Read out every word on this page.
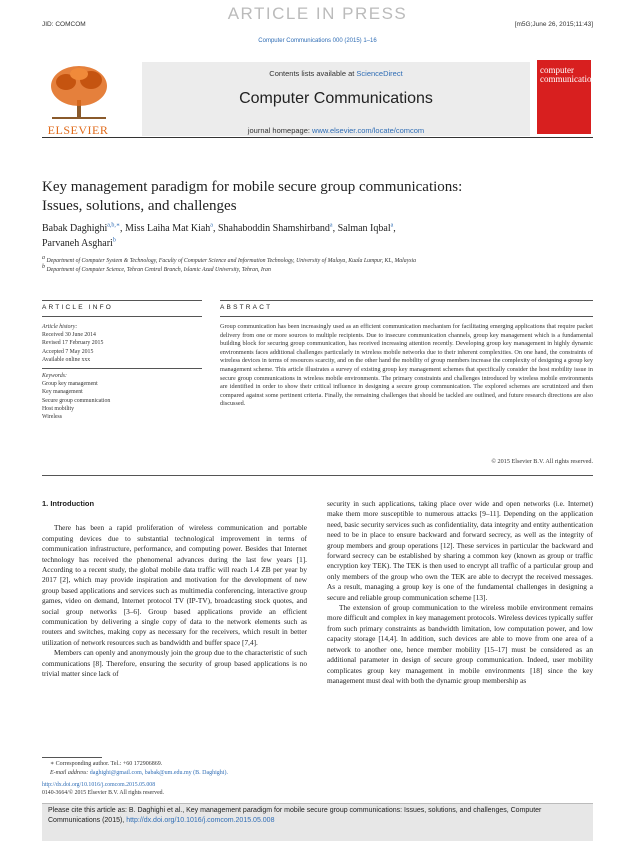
ARTICLE IN PRESS
JID: COMCOM	[m5G;June 26, 2015;11:43]
Computer Communications 000 (2015) 1–16
Contents lists available at ScienceDirect
Computer Communications
journal homepage: www.elsevier.com/locate/comcom
ELSEVIER
computer communications
Key management paradigm for mobile secure group communications:
Issues, solutions, and challenges
Babak Daghighi$^{a,b,∗}$, Miss Laiha Mat Kiah$^a$, Shahaboddin Shamshirband$^a$, Salman Iqbal$^a$,
Parvaneh Asghari$^b$
$^a$ Department of Computer System & Technology, Faculty of Computer Science and Information Technology, University of Malaya, Kuala Lumpur, KL, Malaysia
$^b$ Department of Computer Science, Tehran Central Branch, Islamic Azad University, Tehran, Iran
ARTICLE INFO	ABSTRACT
Article history:
Received 30 June 2014
Revised 17 February 2015
Accepted 7 May 2015
Available online xxx
Keywords:
Group key management
Key management
Secure group communication
Host mobility
Wireless
Group communication has been increasingly used as an efficient communication mechanism for facilitating emerging applications that require packet delivery from one or more sources to multiple recipients. Due to insecure communication channels, group key management which is a fundamental building block for securing group communication, has received increasing attention recently. Developing group key management in highly dynamic environments faces additional challenges particularly in wireless mobile networks due to their inherent complexities. On one hand, the constraints of wireless devices in terms of resources scarcity, and on the other hand the mobility of group members increase the complexity of designing a group key management scheme. This article illustrates a survey of existing group key management schemes that specifically consider the host mobility issue in secure group communications in wireless mobile environments. The primary constraints and challenges introduced by wireless mobile environments are identified in order to show their critical influence in designing a secure group communication. The explored schemes are scrutinized and then compared against some pertinent criteria. Finally, the remaining challenges that should be tackled are outlined, and future research directions are also discussed.
© 2015 Elsevier B.V. All rights reserved.
1. Introduction

There has been a rapid proliferation of wireless communication and portable computing devices due to substantial technological improvement in terms of communication infrastructure, performance, and computing power. Besides that Internet technology has received the phenomenal advances during the last few years [1]. According to a recent study, the global mobile data traffic will reach 1.4 ZB per year by 2017 [2], which may provide inspiration and motivation for the development of new group based applications and services such as multimedia conferencing, interactive group games, video on demand, Internet protocol TV (IP-TV), broadcasting stock quotes, and social group networks [3–6]. Group based applications provide an efficient communication by delivering a single copy of data to the network elements such as routers and switches, making copy as necessary for the receivers, which result in better utilization of network resources such as bandwidth and buffer space [7,4].

Members can openly and anonymously join the group due to the characteristic of such communications [8]. Therefore, ensuring the security of group based applications is no trivial matter since lack of

security in such applications, taking place over wide and open networks (i.e. Internet) make them more susceptible to numerous attacks [9–11]. Depending on the application need, basic security services such as confidentiality, data integrity and entity authentication need to be in place to ensure backward and forward secrecy, as well as the integrity of group members and group operations [12]. These services in particular the backward and forward secrecy can be established by sharing a common key (known as group or traffic encryption key TEK). The TEK is then used to encrypt all traffic of a particular group and only members of the group who own the TEK are able to decrypt the received messages. As a result, managing a group key is one of the fundamental challenges in designing a secure and reliable group communication scheme [13].

The extension of group communication to the wireless mobile environment remains more difficult and complex in key management protocols. Wireless devices typically suffer from such primary constraints as bandwidth limitation, low computation power, and low capacity storage [14,4]. In addition, such devices are able to move from one area of a network to another one, hence member mobility [15–17] must be considered as an additional parameter in design of secure group communication. Indeed, user mobility complicates group key management in mobile environments [18] since the key management must deal with both the dynamic group membership as

∗ Corresponding author. Tel.: +60 172906869.
E-mail address: daghighi@gmail.com, babak@um.edu.my (B. Daghighi).
Please cite this article as: B. Daghighi et al., Key management paradigm for mobile secure group communications: Issues, solutions, and challenges, Computer Communications (2015), http://dx.doi.org/10.1016/j.comcom.2015.05.008
http://dx.doi.org/10.1016/j.comcom.2015.05.008
0140-3664/© 2015 Elsevier B.V. All rights reserved.
